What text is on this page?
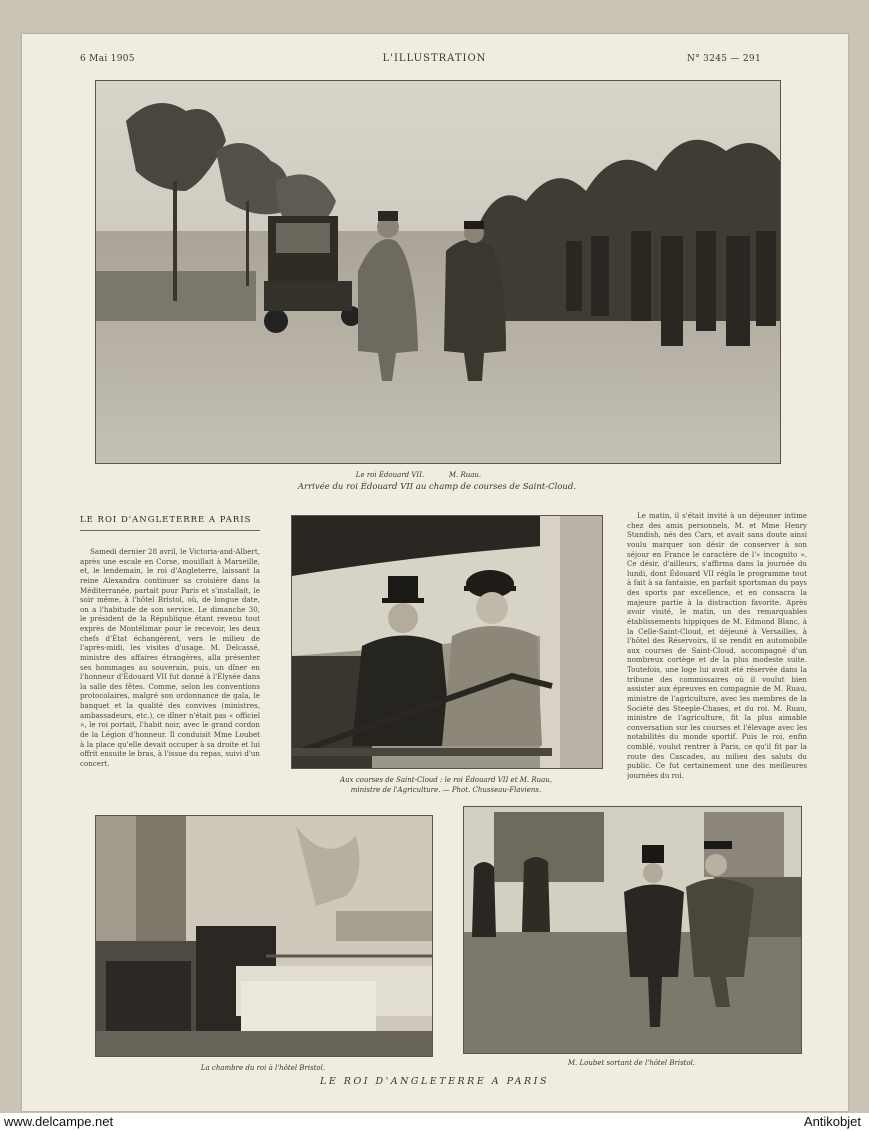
6 Mai 1905	L'ILLUSTRATION	N° 3245 — 291
Le roi Édouard VII.	M. Ruau.
Arrivée du roi Édouard VII au champ de courses de Saint-Cloud.
LE ROI D'ANGLETERRE A PARIS

Samedi dernier 28 avril, le Victoria-and-Albert, après une escale en Corse, mouillait à Marseille, et, le lendemain, le roi d'Angleterre, laissant la reine Alexandra continuer sa croisière dans la Méditerranée, partait pour Paris et s'installait, le soir même, à l'hôtel Bristol, où, de longue date, on a l'habitude de son service. Le dimanche 30, le président de la République étant revenu tout exprès de Montélimar pour le recevoir, les deux chefs d'État échangèrent, vers le milieu de l'après-midi, les visites d'usage. M. Delcassé, ministre des affaires étrangères, alla présenter ses hommages au souverain, puis, un dîner en l'honneur d'Édouard VII fut donné à l'Élysée dans la salle des fêtes. Comme, selon les conventions protocolaires, malgré son ordonnance de gala, le banquet et la qualité des convives (ministres, ambassadeurs, etc.), ce dîner n'était pas « officiel », le roi portait, l'habit noir, avec le grand cordon de la Légion d'honneur. Il conduisit Mme Loubet à la place qu'elle devait occuper à sa droite et lui offrit ensuite le bras, à l'issue du repas, suivi d'un concert.

Aux courses de Saint-Cloud : le roi Édouard VII et M. Ruau,
ministre de l'Agriculture. — Phot. Chusseau-Flaviens.

Le matin, il s'était invité à un déjeuner intime chez des amis personnels, M. et Mme Henry Standish, nés des Cars, et avait sans doute ainsi voulu marquer son désir de conserver à son séjour en France le caractère de l'« incognito ». Ce désir, d'ailleurs, s'affirma dans la journée du lundi, dont Édouard VII régla le programme tout à fait à sa fantaisie, en parfait sportsman du pays des sports par excellence, et en consacra la majeure partie à la distraction favorite. Après avoir visité, le matin, un des remarquables établissements hippiques de M. Edmond Blanc, à la Celle-Saint-Cloud, et déjeuné à Versailles, à l'hôtel des Réservoirs, il se rendit en automobile aux courses de Saint-Cloud, accompagné d'un nombreux cortège et de la plus modeste suite. Toutefois, une loge lui avait été réservée dans la tribune des commissaires où il voulut bien assister aux épreuves en compagnie de M. Ruau, ministre de l'agriculture, avec les membres de la Société des Steeple-Chases, et du roi. M. Ruau, ministre de l'agriculture, fit la plus aimable conversation sur les courses et l'élevage avec les notabilités du monde sportif. Puis le roi, enfin comblé, voulut rentrer à Paris, ce qu'il fit par la route des Cascades, au milieu des saluts du public. Ce fut certainement une des meilleures journées du roi.

La chambre du roi à l'hôtel Bristol.
M. Loubet sortant de l'hôtel Bristol.
LE ROI D'ANGLETERRE A PARIS
www.delcampe.net	Antikobjet
